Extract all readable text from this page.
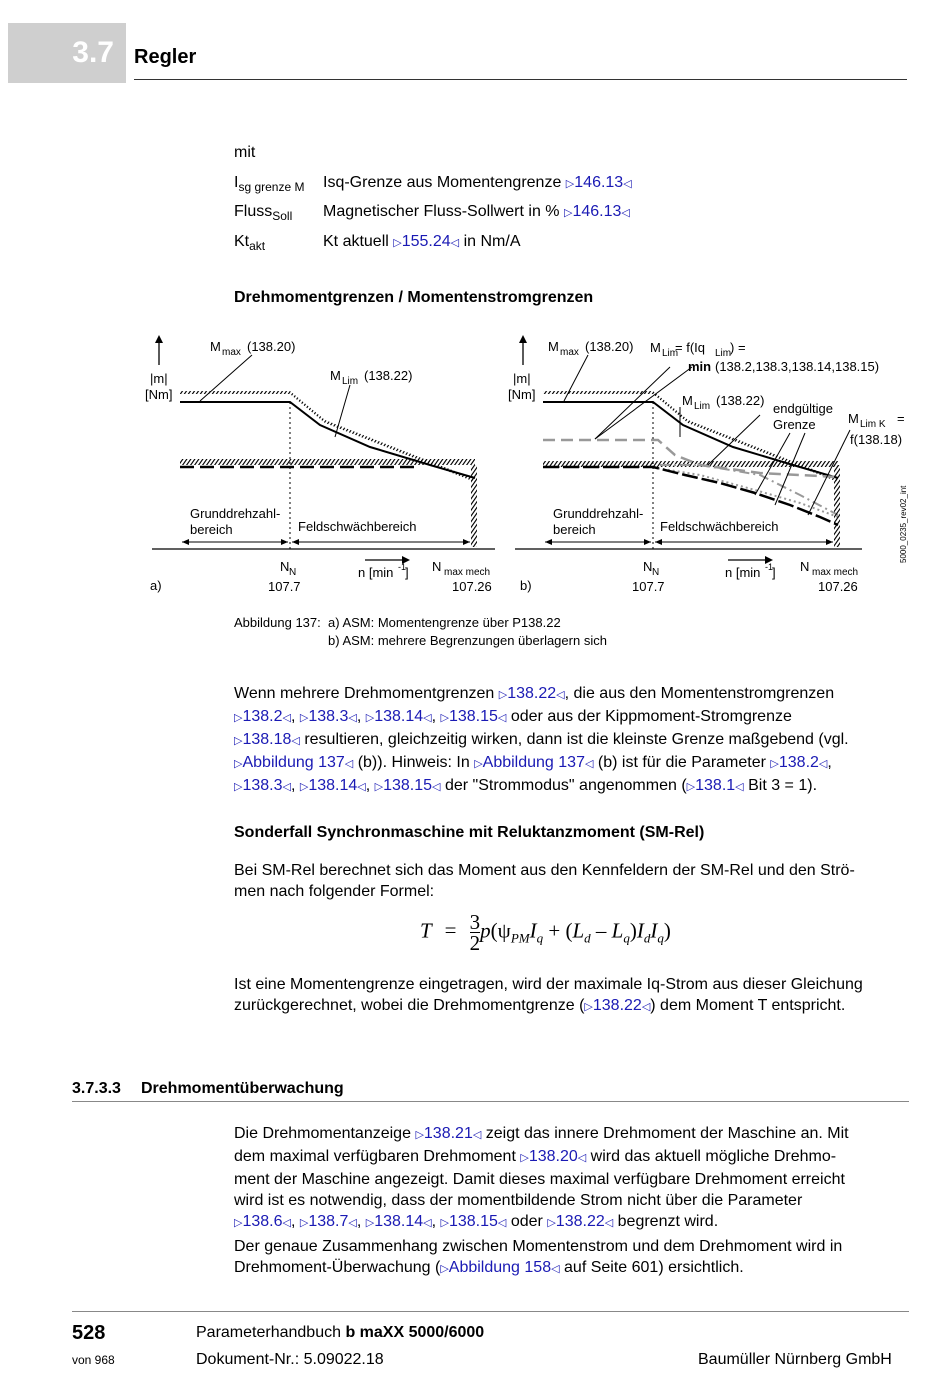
3.7	Regler
mit
$I_{sg grenze M}$ Isq-Grenze aus Momentengrenze ▷146.13◁
Fluss$_{Soll}$ Magnetischer Fluss-Sollwert in % ▷146.13◁
$Kt_{akt}$	Kt aktuell ▷155.24◁ in Nm/A
Drehmomentgrenzen / Momentenstromgrenzen
|m|
[Nm]
M max (138.20)
M Lim (138.22)
Grunddrehzahl-
bereich	Feldschwächbereich
N N
107.7
n [min -1
] N max mech
107.26
a)
|m|
[Nm]
M max (138.20) M Lim
= f(Iq Lim
) =
min (138.2,138.3,138.14,138.15)
M Lim (138.22)
endgültige
Grenze M Lim K =
f(138.18)
Grunddrehzahl-
bereich	Feldschwächbereich
N N
107.7
n [min -1
] N max mech
107.26
b)
5000_0235_rev02_int
Abbildung 137: a) ASM: Momentengrenze über P138.22
b) ASM: mehrere Begrenzungen überlagern sich
Wenn mehrere Drehmomentgrenzen ▷138.22◁, die aus den Momentenstromgrenzen
▷138.2◁, ▷138.3◁, ▷138.14◁, ▷138.15◁ oder aus der Kippmoment-Stromgrenze
▷138.18◁ resultieren, gleichzeitig wirken, dann ist die kleinste Grenze maßgebend (vgl.
▷Abbildung 137◁ (b)). Hinweis: In ▷Abbildung 137◁ (b) ist für die Parameter ▷138.2◁,
▷138.3◁, ▷138.14◁, ▷138.15◁ der "Strommodus" angenommen (▷138.1◁ Bit 3 = 1).
Sonderfall Synchronmaschine mit Reluktanzmoment (SM-Rel)
Bei SM-Rel berechnet sich das Moment aus den Kennfeldern der SM-Rel und den Strö-
men nach folgender Formel:
$T = \frac{3}{2} p(\psi_{PM}I_q + (L_d - L_q)I_dI_q)$
Ist eine Momentengrenze eingetragen, wird der maximale Iq-Strom aus dieser Gleichung
zurückgerechnet, wobei die Drehmomentgrenze (▷138.22◁) dem Moment T entspricht.
3.7.3.3 Drehmomentüberwachung
Die Drehmomentanzeige ▷138.21◁ zeigt das innere Drehmoment der Maschine an. Mit
dem maximal verfügbaren Drehmoment ▷138.20◁ wird das aktuell mögliche Drehmo-
ment der Maschine angezeigt. Damit dieses maximal verfügbare Drehmoment erreicht
wird ist es notwendig, dass der momentbildende Strom nicht über die Parameter
▷138.6◁, ▷138.7◁, ▷138.14◁, ▷138.15◁ oder ▷138.22◁ begrenzt wird.
Der genaue Zusammenhang zwischen Momentenstrom und dem Drehmoment wird in
Drehmoment-Überwachung (▷Abbildung 158◁ auf Seite 601) ersichtlich.
528
von 968
Parameterhandbuch b maXX 5000/6000
Dokument-Nr.: 5.09022.18	Baumüller Nürnberg GmbH
